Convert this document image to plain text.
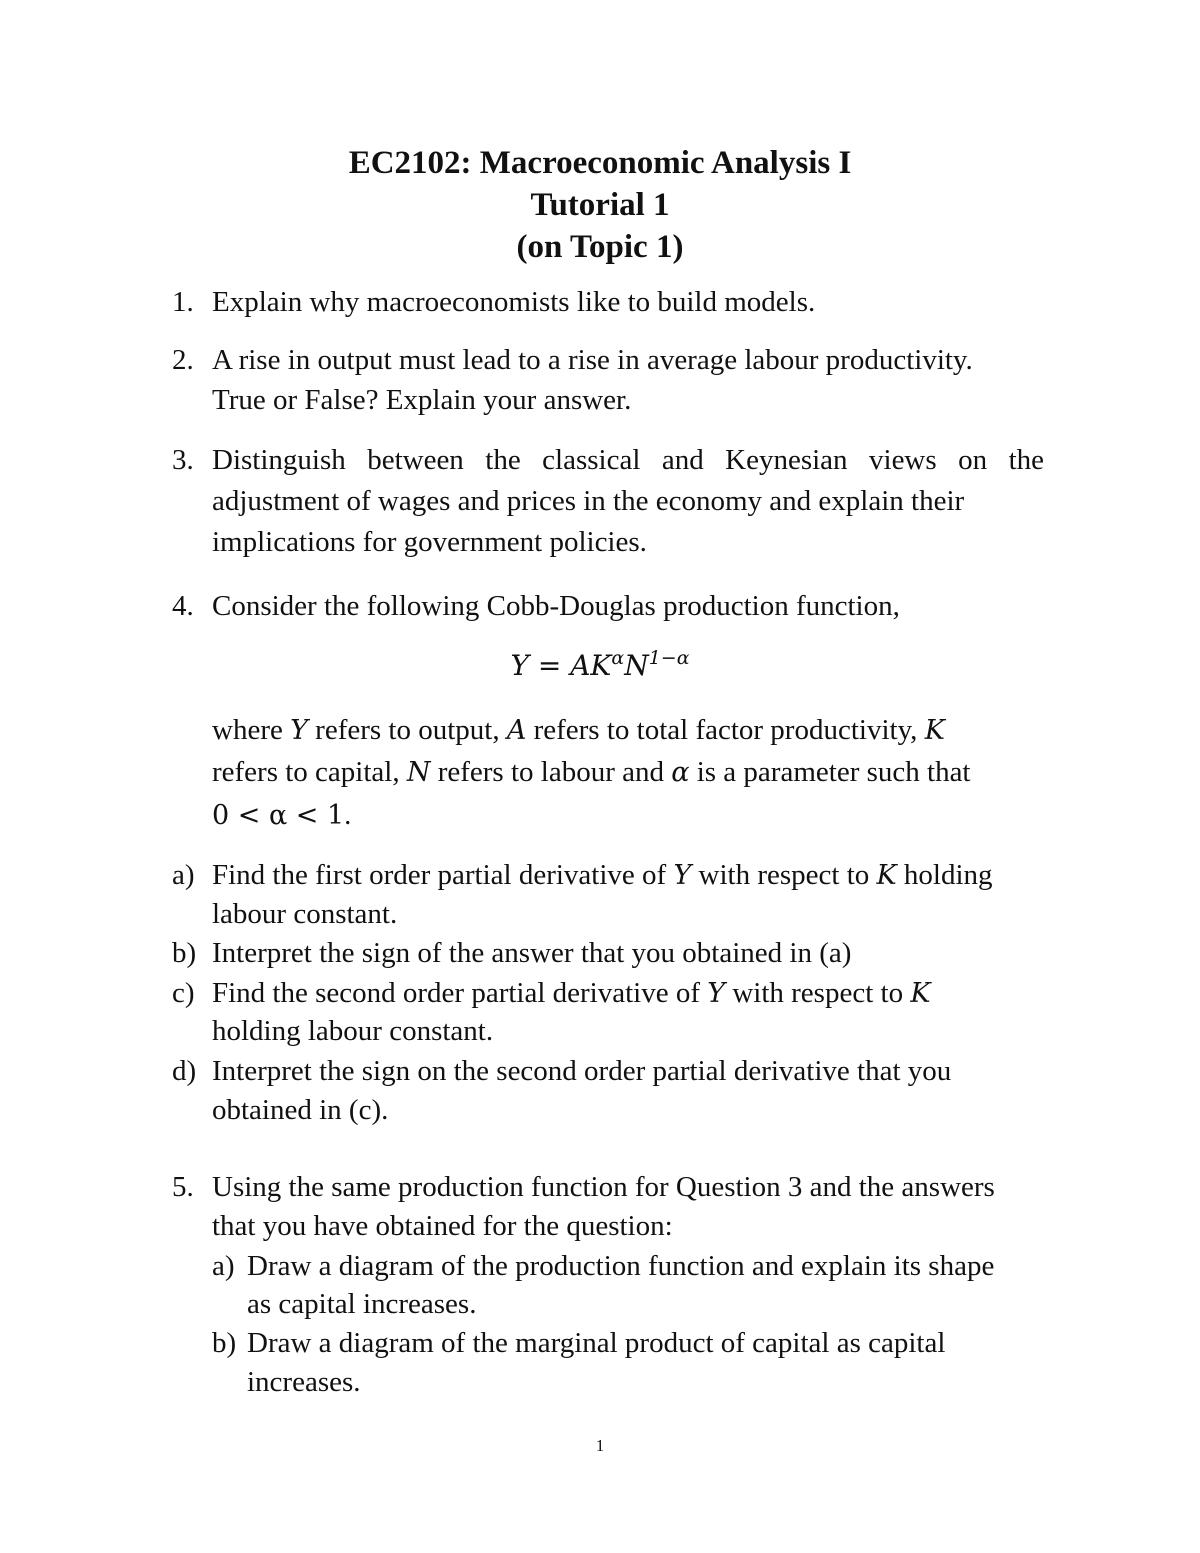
EC2102: Macroeconomic Analysis I
Tutorial 1
(on Topic 1)
1. Explain why macroeconomists like to build models.
2. A rise in output must lead to a rise in average labour productivity.
True or False? Explain your answer.
3. Distinguish between the classical and Keynesian views on the
adjustment of wages and prices in the economy and explain their
implications for government policies.
4. Consider the following Cobb-Douglas production function,
$Y = AK^\alpha N^{1-\alpha}$
where Y refers to output, A refers to total factor productivity, K
refers to capital, N refers to labour and α is a parameter such that
0 < α < 1.
a) Find the first order partial derivative of Y with respect to K holding
labour constant.
b) Interpret the sign of the answer that you obtained in (a)
c) Find the second order partial derivative of Y with respect to K
holding labour constant.
d) Interpret the sign on the second order partial derivative that you
obtained in (c).
5. Using the same production function for Question 3 and the answers
that you have obtained for the question:
a) Draw a diagram of the production function and explain its shape
as capital increases.
b) Draw a diagram of the marginal product of capital as capital
increases.
1
